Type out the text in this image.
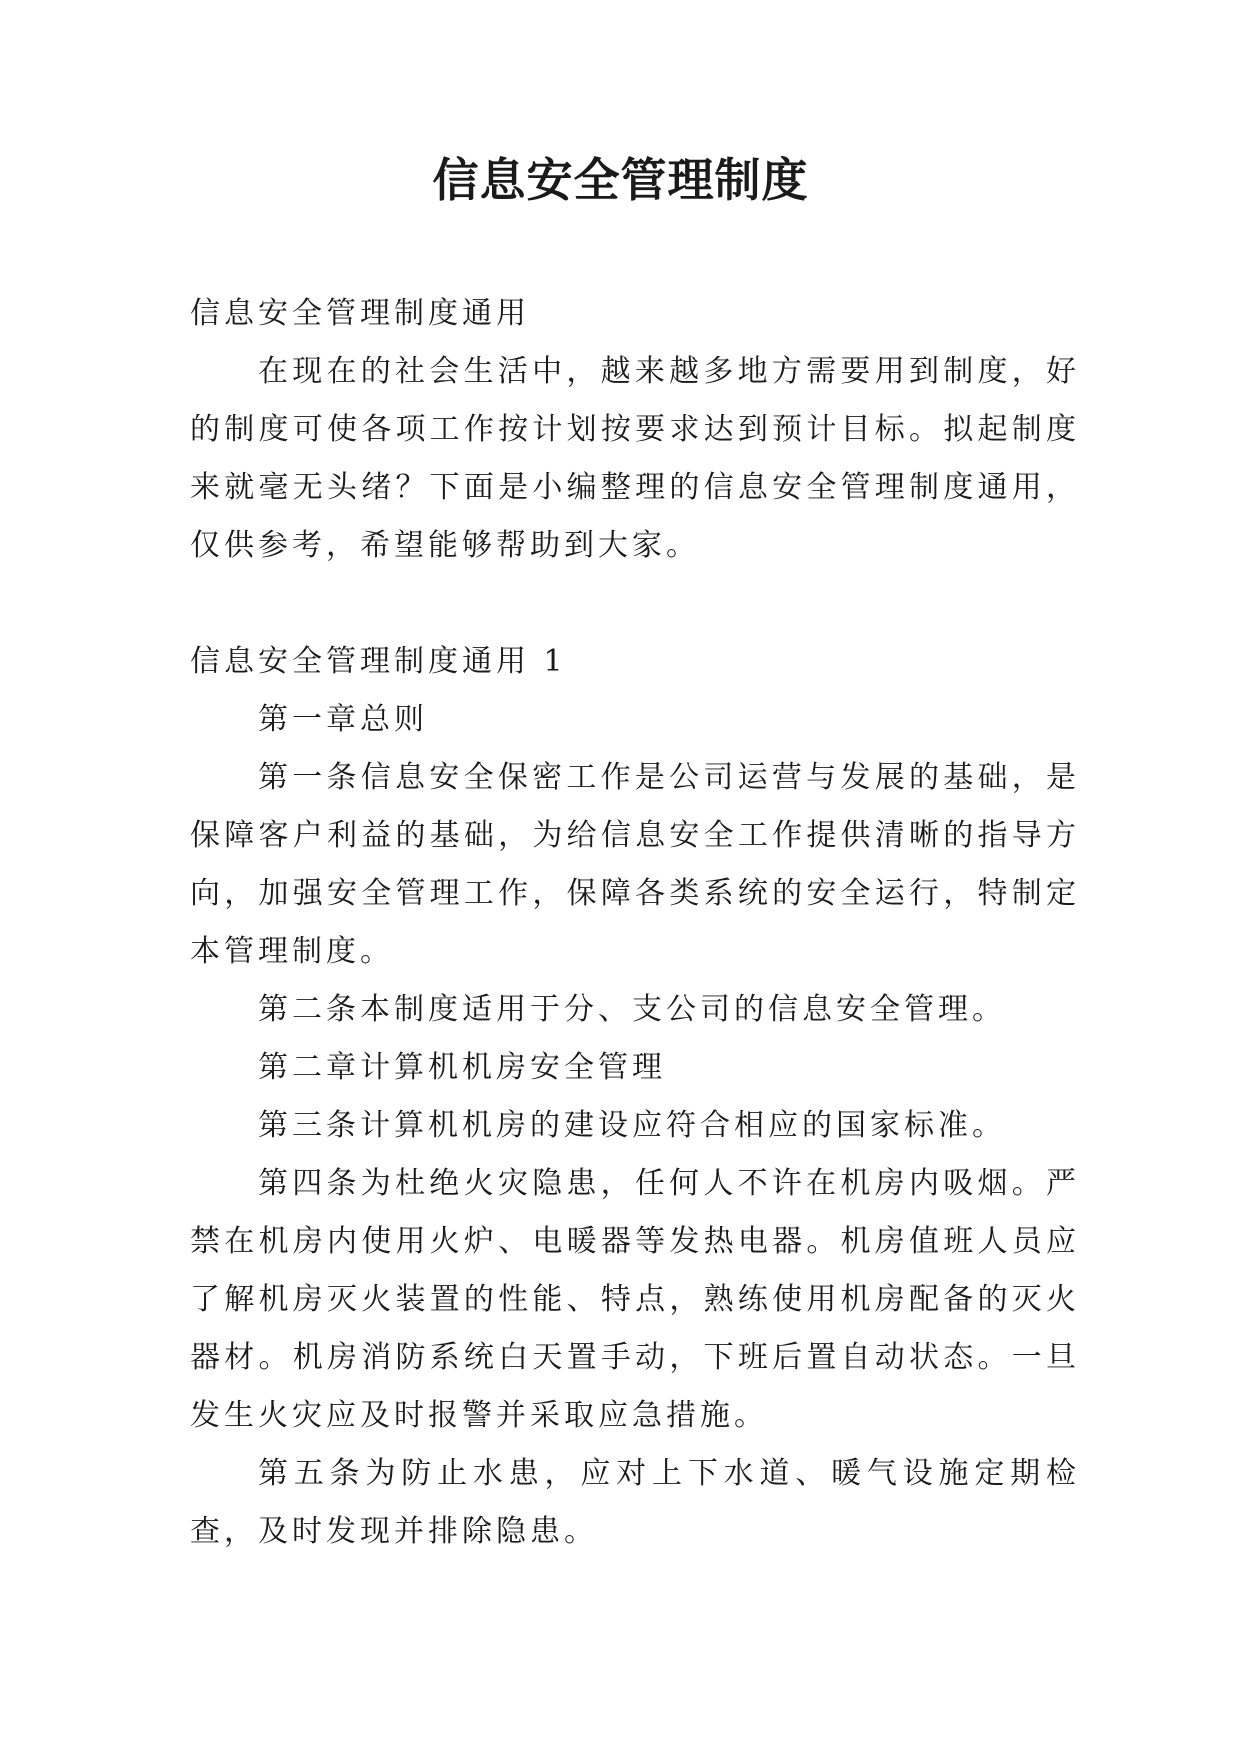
信息安全管理制度

信息安全管理制度通用

在现在的社会生活中，越来越多地方需要用到制度，好的制度可使各项工作按计划按要求达到预计目标。拟起制度来就毫无头绪？下面是小编整理的信息安全管理制度通用，仅供参考，希望能够帮助到大家。

信息安全管理制度通用 1

第一章总则

第一条信息安全保密工作是公司运营与发展的基础，是保障客户利益的基础，为给信息安全工作提供清晰的指导方向，加强安全管理工作，保障各类系统的安全运行，特制定本管理制度。

第二条本制度适用于分、支公司的信息安全管理。

第二章计算机机房安全管理

第三条计算机机房的建设应符合相应的国家标准。

第四条为杜绝火灾隐患，任何人不许在机房内吸烟。严禁在机房内使用火炉、电暖器等发热电器。机房值班人员应了解机房灭火装置的性能、特点，熟练使用机房配备的灭火器材。机房消防系统白天置手动，下班后置自动状态。一旦发生火灾应及时报警并采取应急措施。

第五条为防止水患，应对上下水道、暖气设施定期检查，及时发现并排除隐患。
